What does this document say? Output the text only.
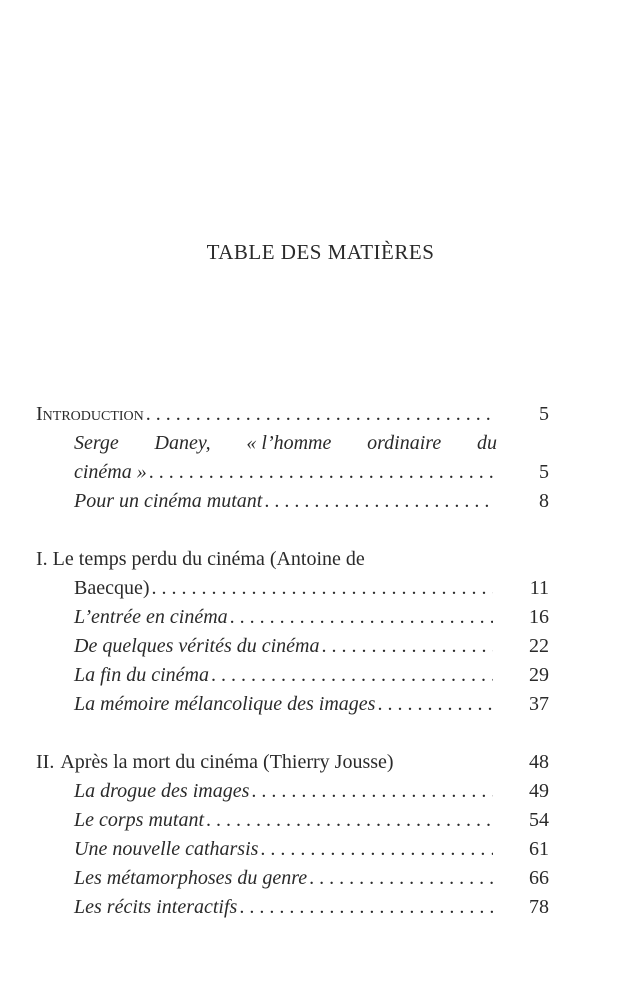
TABLE DES MATIÈRES
Introduction . . .	5
Serge Daney, « l’homme ordinaire du
cinéma » . . .	5
Pour un cinéma mutant . . .	8
I. Le temps perdu du cinéma (Antoine de
Baecque) . . .	11
L’entrée en cinéma . . .	16
De quelques vérités du cinéma . . .	22
La fin du cinéma . . .	29
La mémoire mélancolique des images . . .	37
II. Après la mort du cinéma (Thierry Jousse)	48
La drogue des images . . .	49
Le corps mutant . . .	54
Une nouvelle catharsis . . .	61
Les métamorphoses du genre . . .	66
Les récits interactifs . . .	78
